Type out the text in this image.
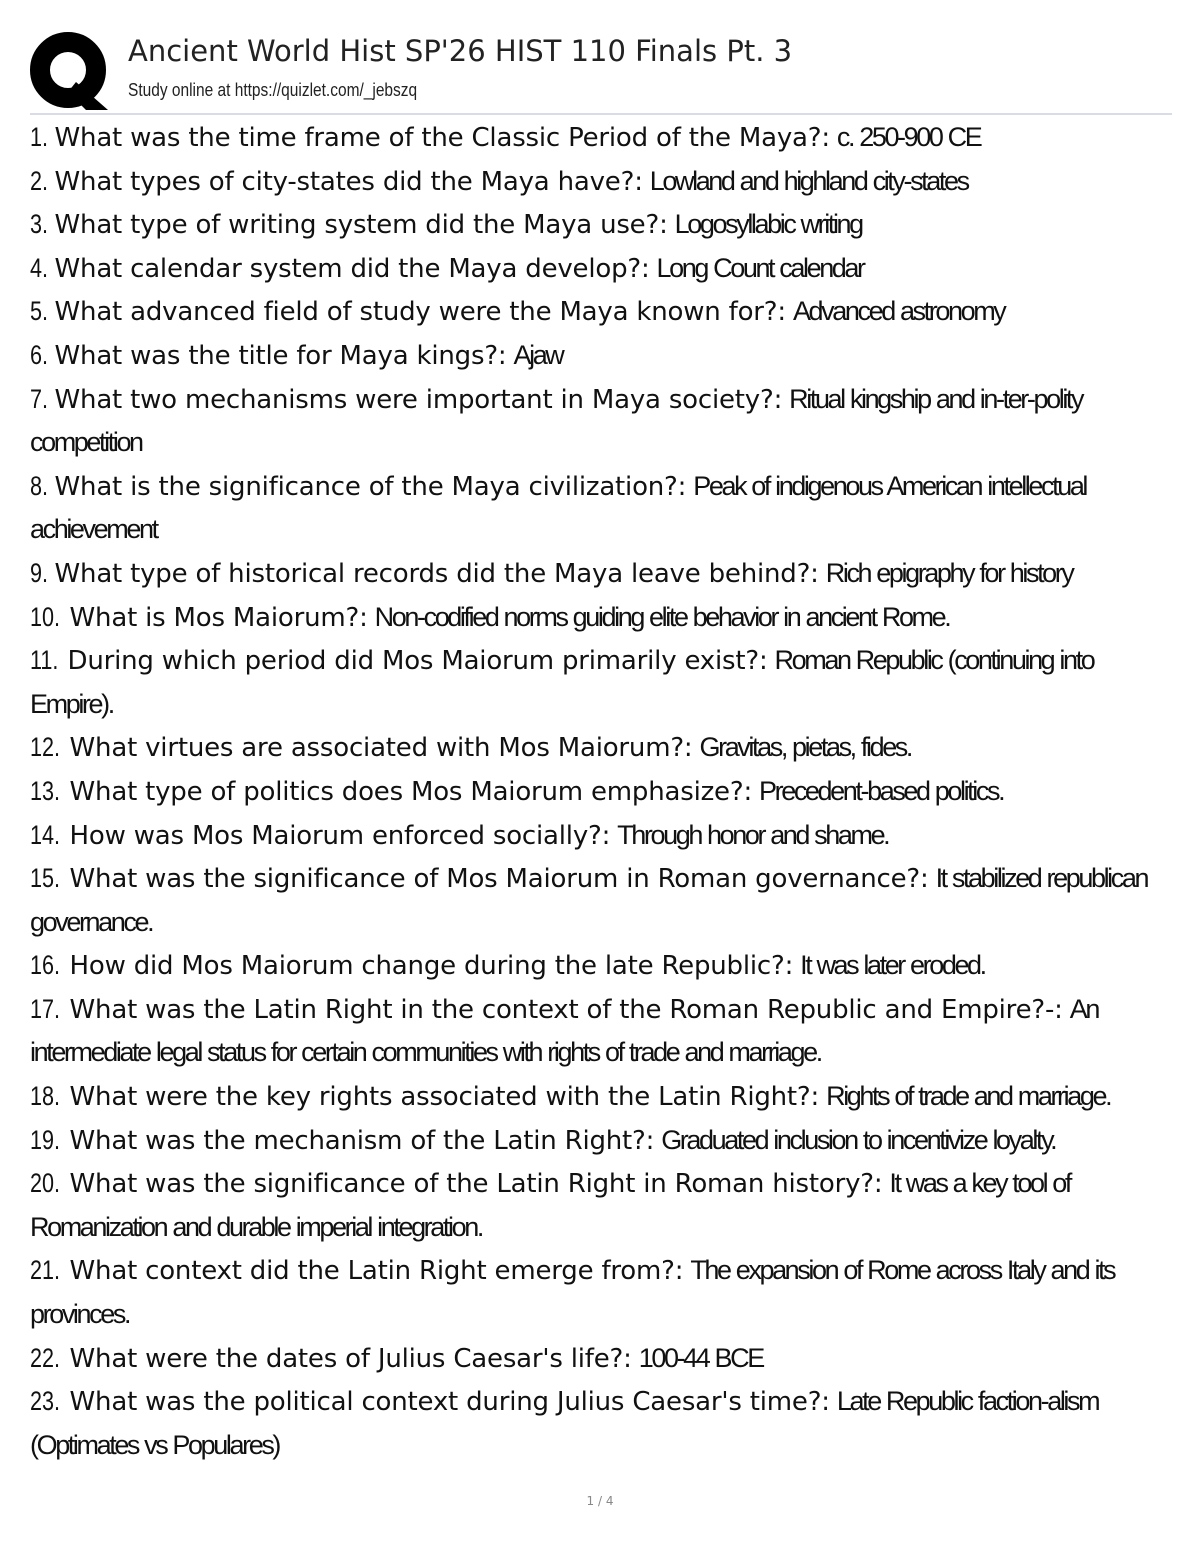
Ancient World Hist SP'26 HIST 110 Finals Pt. 3
Study online at https://quizlet.com/_jebszq
1. What was the time frame of the Classic Period of the Maya?: c. 250-900 CE
2. What types of city-states did the Maya have?: Lowland and highland city-states
3. What type of writing system did the Maya use?: Logosyllabic writing
4. What calendar system did the Maya develop?: Long Count calendar
5. What advanced field of study were the Maya known for?: Advanced astronomy
6. What was the title for Maya kings?: Ajaw
7. What two mechanisms were important in Maya society?: Ritual kingship and in-ter-polity competition
8. What is the significance of the Maya civilization?: Peak of indigenous American intellectual achievement
9. What type of historical records did the Maya leave behind?: Rich epigraphy for history
10. What is Mos Maiorum?: Non-codified norms guiding elite behavior in ancient Rome.
11. During which period did Mos Maiorum primarily exist?: Roman Republic (continuing into Empire).
12. What virtues are associated with Mos Maiorum?: Gravitas, pietas, fides.
13. What type of politics does Mos Maiorum emphasize?: Precedent-based politics.
14. How was Mos Maiorum enforced socially?: Through honor and shame.
15. What was the significance of Mos Maiorum in Roman governance?: It stabilized republican governance.
16. How did Mos Maiorum change during the late Republic?: It was later eroded.
17. What was the Latin Right in the context of the Roman Republic and Empire?-: An intermediate legal status for certain communities with rights of trade and marriage.
18. What were the key rights associated with the Latin Right?: Rights of trade and marriage.
19. What was the mechanism of the Latin Right?: Graduated inclusion to incentivize loyalty.
20. What was the significance of the Latin Right in Roman history?: It was a key tool of Romanization and durable imperial integration.
21. What context did the Latin Right emerge from?: The expansion of Rome across Italy and its provinces.
22. What were the dates of Julius Caesar's life?: 100-44 BCE
23. What was the political context during Julius Caesar's time?: Late Republic faction-alism (Optimates vs Populares)
1 / 4
